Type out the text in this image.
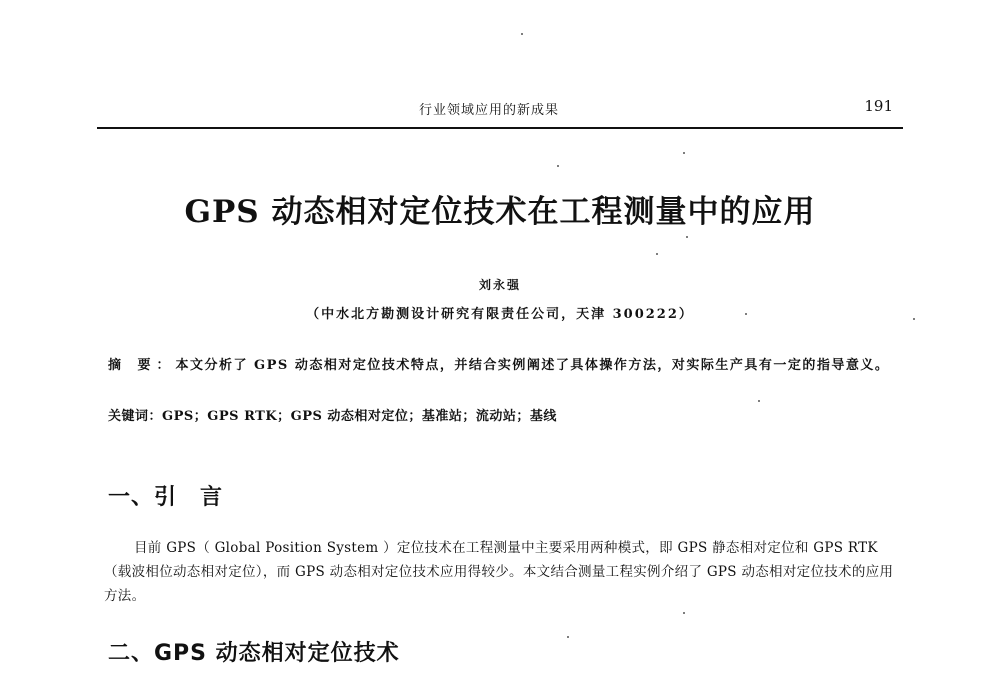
行业领域应用的新成果	191
GPS 动态相对定位技术在工程测量中的应用
刘永强
（中水北方勘测设计研究有限责任公司，天津 300222）
摘 要：本文分析了 GPS 动态相对定位技术特点，并结合实例阐述了具体操作方法，对实际生产具有一定的指导意义。
关键词：GPS；GPS RTK；GPS 动态相对定位；基准站；流动站；基线
一、引　言
目前 GPS（ Global Position System ）定位技术在工程测量中主要采用两种模式，即 GPS 静态相对定位和 GPS RTK（载波相位动态相对定位），而 GPS 动态相对定位技术应用得较少。本文结合测量工程实例介绍了 GPS 动态相对定位技术的应用方法。
二、GPS 动态相对定位技术
